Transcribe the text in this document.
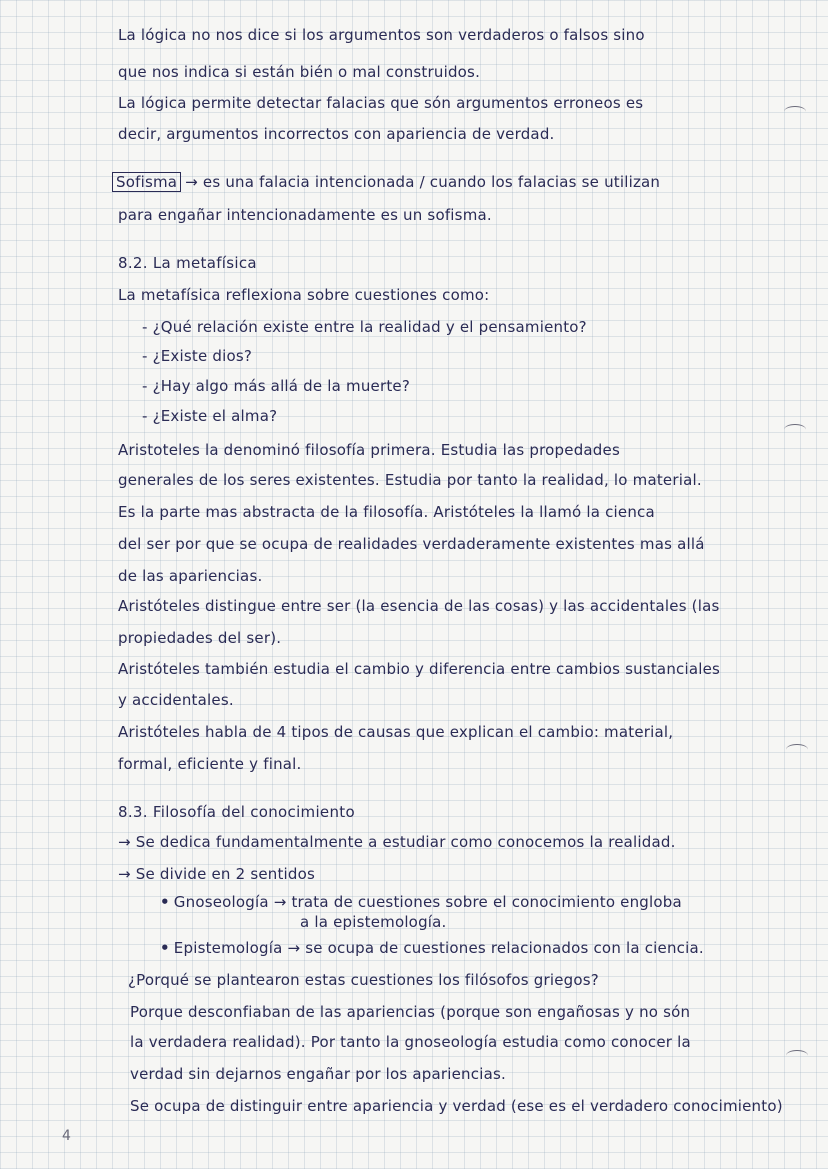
La lógica no nos dice si los argumentos son verdaderos o falsos sino
que nos indica si están bién o mal construidos.
La lógica permite detectar falacias que són argumentos erroneos es
decir, argumentos incorrectos con apariencia de verdad.
Sofisma → es una falacia intencionada / cuando los falacias se utilizan
para engañar intencionadamente es un sofisma.
8.2. La metafísica
La metafísica reflexiona sobre cuestiones como:
- ¿Qué relación existe entre la realidad y el pensamiento?
- ¿Existe dios?
- ¿Hay algo más allá de la muerte?
- ¿Existe el alma?
Aristoteles la denominó filosofía primera. Estudia las propedades
generales de los seres existentes. Estudia por tanto la realidad, lo material.
Es la parte mas abstracta de la filosofía. Aristóteles la llamó la cienca
del ser por que se ocupa de realidades verdaderamente existentes mas allá
de las apariencias.
Aristóteles distingue entre ser (la esencia de las cosas) y las accidentales (las
propiedades del ser).
Aristóteles también estudia el cambio y diferencia entre cambios sustanciales
y accidentales.
Aristóteles habla de 4 tipos de causas que explican el cambio: material,
formal, eficiente y final.
8.3. Filosofía del conocimiento
→ Se dedica fundamentalmente a estudiar como conocemos la realidad.
→ Se divide en 2 sentidos
• Gnoseología → trata de cuestiones sobre el conocimiento engloba
a la epistemología.
• Epistemología → se ocupa de cuestiones relacionados con la ciencia.
¿Porqué se plantearon estas cuestiones los filósofos griegos?
Porque desconfiaban de las apariencias (porque son engañosas y no són
la verdadera realidad). Por tanto la gnoseología estudia como conocer la
verdad sin dejarnos engañar por los apariencias.
Se ocupa de distinguir entre apariencia y verdad (ese es el verdadero conocimiento)
4
